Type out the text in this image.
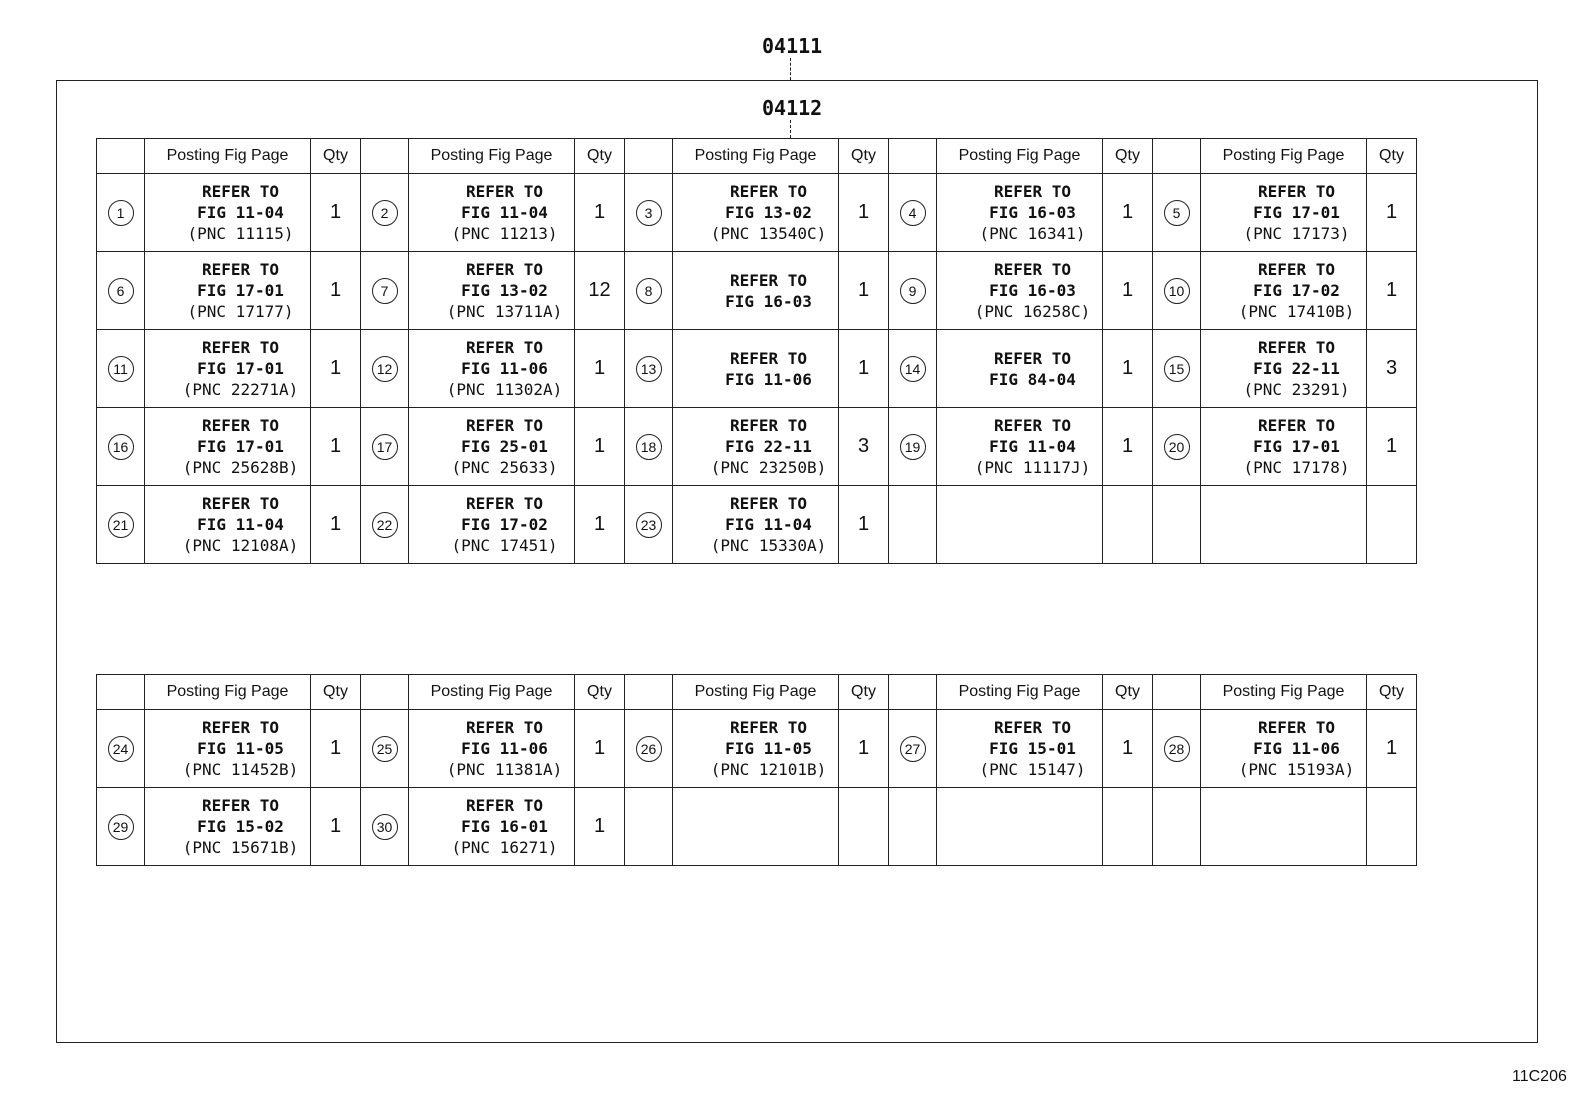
04111
04112
	Posting Fig Page	Qty		Posting Fig Page	Qty		Posting Fig Page	Qty		Posting Fig Page	Qty		Posting Fig Page	Qty
1	REFER TO
FIG 11-04
(PNC 11115)	1	2	REFER TO
FIG 11-04
(PNC 11213)	1	3	REFER TO
FIG 13-02
(PNC 13540C)	1	4	REFER TO
FIG 16-03
(PNC 16341)	1	5	REFER TO
FIG 17-01
(PNC 17173)	1
6	REFER TO
FIG 17-01
(PNC 17177)	1	7	REFER TO
FIG 13-02
(PNC 13711A)	12	8	REFER TO
FIG 16-03	1	9	REFER TO
FIG 16-03
(PNC 16258C)	1	10	REFER TO
FIG 17-02
(PNC 17410B)	1
11	REFER TO
FIG 17-01
(PNC 22271A)	1	12	REFER TO
FIG 11-06
(PNC 11302A)	1	13	REFER TO
FIG 11-06	1	14	REFER TO
FIG 84-04	1	15	REFER TO
FIG 22-11
(PNC 23291)	3
16	REFER TO
FIG 17-01
(PNC 25628B)	1	17	REFER TO
FIG 25-01
(PNC 25633)	1	18	REFER TO
FIG 22-11
(PNC 23250B)	3	19	REFER TO
FIG 11-04
(PNC 11117J)	1	20	REFER TO
FIG 17-01
(PNC 17178)	1
21	REFER TO
FIG 11-04
(PNC 12108A)	1	22	REFER TO
FIG 17-02
(PNC 17451)	1	23	REFER TO
FIG 11-04
(PNC 15330A)	1						
	Posting Fig Page	Qty		Posting Fig Page	Qty		Posting Fig Page	Qty		Posting Fig Page	Qty		Posting Fig Page	Qty
24	REFER TO
FIG 11-05
(PNC 11452B)	1	25	REFER TO
FIG 11-06
(PNC 11381A)	1	26	REFER TO
FIG 11-05
(PNC 12101B)	1	27	REFER TO
FIG 15-01
(PNC 15147)	1	28	REFER TO
FIG 11-06
(PNC 15193A)	1
29	REFER TO
FIG 15-02
(PNC 15671B)	1	30	REFER TO
FIG 16-01
(PNC 16271)	1									
11C206
